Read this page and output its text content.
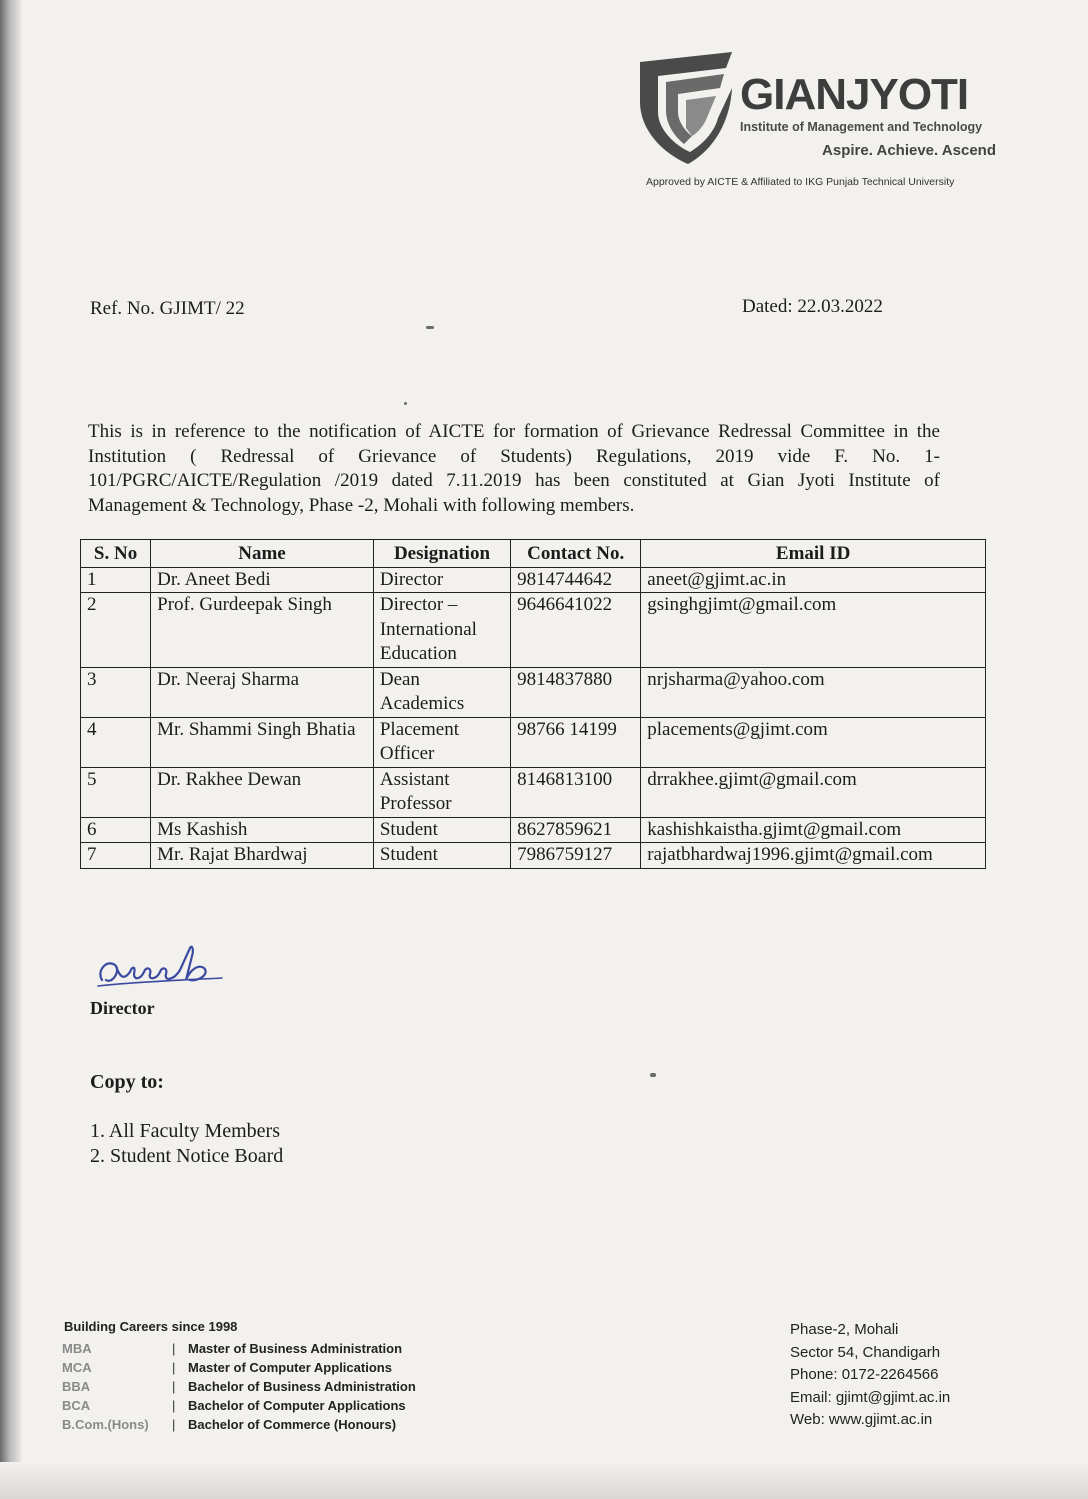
GIANJYOTI
Institute of Management and Technology
Aspire. Achieve. Ascend
Approved by AICTE & Affiliated to IKG Punjab Technical University
Ref. No. GJIMT/ 22	Dated: 22.03.2022
This is in reference to the notification of AICTE for formation of Grievance Redressal Committee in the Institution ( Redressal of Grievance of Students) Regulations, 2019 vide F. No. 1-101/PGRC/AICTE/Regulation /2019 dated 7.11.2019 has been constituted at Gian Jyoti Institute of Management & Technology, Phase -2, Mohali with following members.
S. No	Name	Designation	Contact No.	Email ID
1	Dr. Aneet Bedi	Director	9814744642	aneet@gjimt.ac.in
2	Prof. Gurdeepak Singh	Director – International Education	9646641022	gsinghgjimt@gmail.com
3	Dr. Neeraj Sharma	Dean Academics	9814837880	nrjsharma@yahoo.com
4	Mr. Shammi Singh Bhatia	Placement Officer	98766 14199	placements@gjimt.com
5	Dr. Rakhee Dewan	Assistant Professor	8146813100	drrakhee.gjimt@gmail.com
6	Ms Kashish	Student	8627859621	kashishkaistha.gjimt@gmail.com
7	Mr. Rajat Bhardwaj	Student	7986759127	rajatbhardwaj1996.gjimt@gmail.com
Director
Copy to:
1. All Faculty Members
2. Student Notice Board
Building Careers since 1998
MBA	| Master of Business Administration
MCA	| Master of Computer Applications
BBA	| Bachelor of Business Administration
BCA	| Bachelor of Computer Applications
B.Com.(Hons)	| Bachelor of Commerce (Honours)
Phase-2, Mohali
Sector 54, Chandigarh
Phone: 0172-2264566
Email: gjimt@gjimt.ac.in
Web: www.gjimt.ac.in
